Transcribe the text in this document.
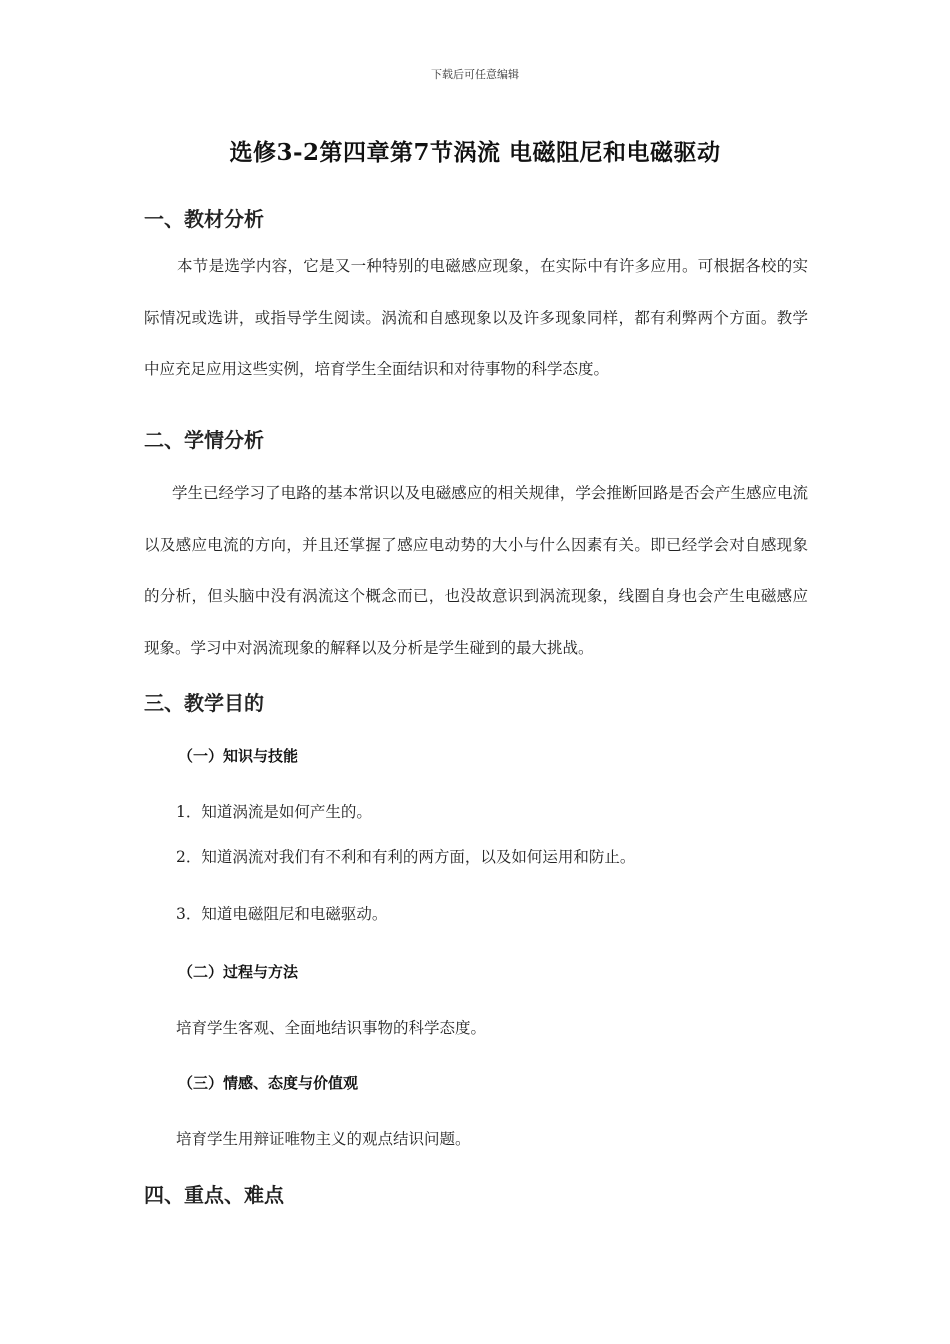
下载后可任意编辑
选修3-2第四章第7节涡流 电磁阻尼和电磁驱动
一、教材分析

本节是选学内容，它是又一种特别的电磁感应现象，在实际中有许多应用。可根据各校的实际情况或选讲，或指导学生阅读。涡流和自感现象以及许多现象同样，都有利弊两个方面。教学中应充足应用这些实例，培育学生全面结识和对待事物的科学态度。

二、学情分析

学生已经学习了电路的基本常识以及电磁感应的相关规律，学会推断回路是否会产生感应电流以及感应电流的方向，并且还掌握了感应电动势的大小与什么因素有关。即已经学会对自感现象的分析，但头脑中没有涡流这个概念而已，也没故意识到涡流现象，线圈自身也会产生电磁感应现象。学习中对涡流现象的解释以及分析是学生碰到的最大挑战。

三、教学目的
（一）知识与技能

1．知道涡流是如何产生的。

2．知道涡流对我们有不利和有利的两方面，以及如何运用和防止。

3．知道电磁阻尼和电磁驱动。

（二）过程与方法

培育学生客观、全面地结识事物的科学态度。

（三）情感、态度与价值观

培育学生用辩证唯物主义的观点结识问题。

四、重点、难点
